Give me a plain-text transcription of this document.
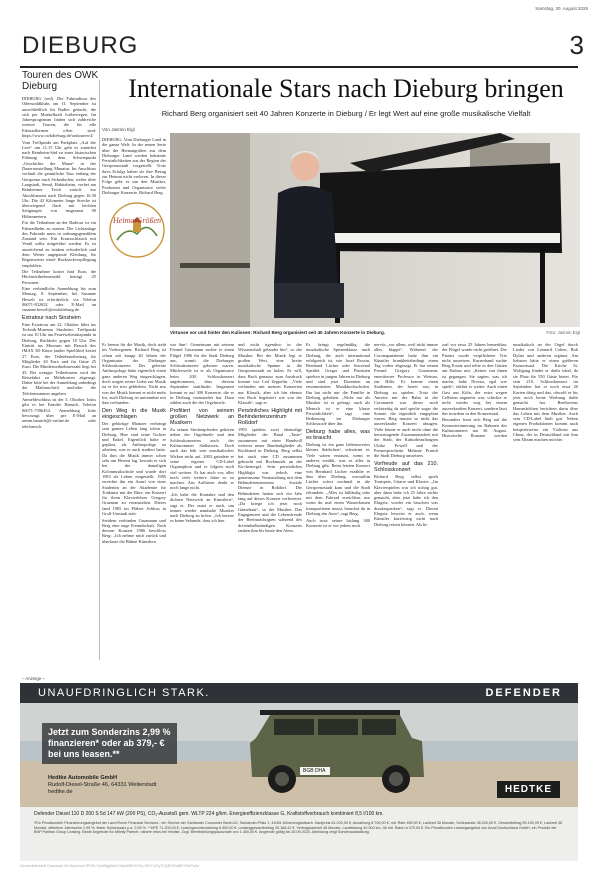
Samstag, 30. August 2025
DIEBURG	3
Touren des OWK Dieburg

DIEBURG (red). Die Fahrradtour des Odenwaldklubs am 11. September ist ausschließlich für Radler gedacht, die sich per Muskelkraft fortbewegen. Im Jahresprogramm finden sich zahlreiche weitere Touren, die für alle Fahrradformen offen sind: https://www.owkdieburg.de/radtouren-2/

Vom Treffpunkt am Parkplatz „Auf der Leer“ um 11.15 Uhr geht es zunächst nach Reinheim-Süd zu einer historischen Führung mit dem Schwerpunkt „Geschichte der Muna“ in der Dauerausstellung Munatur. Im Anschluss verläuft die gemütliche Tour entlang der Gersprenz nach Sickenhofen, weiter über Langstadt, Semd, Habitzheim, vorbei am Reinheimer Teich zurück zur Abschlussrast nach Dieburg gegen 16.30 Uhr. Die 42 Kilometer lange Strecke ist überwiegend flach mit leichten Steigungen von insgesamt 90 Höhenmetern.

Für die Teilnahme an der Radtour ist ein Fahrradhelm zu nutzen. Die Lichtanlage des Fahrrads muss in ordnungsgemäßem Zustand sein. Ein Ersatzschlauch mit Ventil sollte mitgeführt werden. Es ist ausreichend zu trinken erforderlich und dem Wetter angepasste Kleidung, für Regenwetter wind- Rucksackverpflegung empfohlen.

Die Teilnahme kostet fünf Euro, die Höchstteilnehmerzahl beträgt 25 Personen.

Eine verbindliche Anmeldung bis zum Montag, 8. September, bei Susanne Hewelt ist erforderlich, via Telefon 06071-832652 oder E-Mail an susanne.hewelt@owkdieburg.de.

Extratour nach Sinsheim

Eine Extratour am 22. Oktober führt ins Technik-Museum Sinsheim. Treffpunkt ist um 10 Uhr am Feuerwehrstützpunkt in Dieburg, Rückkehr gegen 18 Uhr. Der Eintritt ins Museum mit Besuch des IMAX 3D Kinos (außer Spielfilm) kostet 27 Euro, der Teilnehmerbeitrag für Mitglieder 20 Euro und für Gäste 25 Euro. Die Mindestteilnehmerzahl liegt bei 45. Bei weniger Teilnehmern wird die Reisefahrt zu Mehrkosten abgesagt. Daher bitte bei der Anmeldung unbedingt die Mailanschrift und/oder die Telefonnummer angeben.

Anmeldeschluss ist der 5. Oktober. Infos gibt es bei Familie Hamich, Telefon 06071-7396454. Anmeldung bitte bevorzugt über per E-Mail an armin.hamich@t-online.de oder telefonisch.

Internationale Stars nach Dieburg bringen
Richard Berg organisiert seit 40 Jahren Konzerte in Dieburg / Er legt Wert auf eine große musikalische Vielfalt
Von Jasmin Eigl
DIEBURG. Vom Dieburger Land in die ganze Welt: In der neuen Serie über die Heimatgrößen aus dem Dieburger Land werden bekannte Persönlichkeiten aus der Region der Gersprenzstadt vorgestellt. Trotz ihres Erfolgs haben sie ihre Bezug zur Heimat nicht verloren. In dieser Folge geht es um den Musiker, Produzent und Organisator vieler Dieburger Konzerte, Richard Berg.
HeimatGrößen
Virtuose vor und hinter den Kulissen: Richard Berg organisiert seit 40 Jahren Konzerte in Dieburg.	Foto: Jasmin Eigl

Er brennt für die Musik, doch steht im Verborgenen. Richard Berg ist schon seit knapp 40 Jahren der Organisator der Dieburger Schlosskonzerte. Der gelernte Anthropologe hätte eigentlich einen ganz anderen Weg eingeschlagen, doch sorgen seiner Liebe zur Musik ist er ihr treu geblieben. Nicht nur von der Musik kommt er nicht mehr los, auch Dieburg ist untrennbar mit ihm verbunden.

Den Weg in die Musik eingeschlagen

Der gebürtige Mainzer verbringt sein ganzes Leben lang schon in Dieburg. Hier sind seine Tochter und Enkel. Eigentlich hatte er geplant, als Anthropologe zu arbeiten, was er auch studiert hatte. Da ihm die Musik immer schon sehr am Herzen lag, bewarb er sich bei der damaligen Kolonnusikschule und wurde dort 1983 als Lehrer eingestellt. 1985 erreichte ihn ein Anruf von einer Studentin an der Akademie für Tonkunst mit der Bitte, ein Konzert für ihren Klavierlehrer Gregory Gruzman zu veranstalten. Dieses fand 1985 im Pfälzer Schloss in Groß-Umstadt statt.

Seitdem verbinden Gruzmann und Berg eine enge Freundschaft. Nach diesem Konzert 1986 beschloss Berg: „Ich nehme mich zurück und überlasse die Bühne Künstlern

wie ihm“. Gemeinsam mit seinem Freund Gruzmann suchte er einen Flügel 1986 für die Stadt Dieburg aus, womit die Dieburger Schlosskonzerte geboren waren. Mittlerweile ist er als Organisator beim 200. Schlosskonzert angekommen, dass diesem September stattfindet. Insgesamt kommt er auf 300 Konzerte, die er in Dieburg veranstaltet hat. Dazu zählen auch die der Orgelmeile.

Profitiert von seinem großen Netzwerk an Musikern

Zu seinen Steckenpferden gehören neben der Orgelmeile und den Schlosskonzerten auch der Kulturommer Südhessen. Doch auch das hält sein musikalisches Wirken nicht auf. 2003 gründete er seine eigenes CD-Label Organophon und er folgten noch viel weitere. Er hat auch vor, alles noch viele weitere Jahre so zu machen. Ans Aufhören denkt er noch lange nicht.

„Ich habe die Kontakte und den dichten Netzwerk an Künstlern“, sagt er. Der nutzt er auch, um immer wieder namhafte Musiker nach Dieburg zu holen. „Ich bereue es keine Sekunde, dass ich hier

und nicht irgendwo in der Wissenschaft gelandet bin“, so der Musiker. Bei der Musik legt er großen Wert, eine breite musikalische Spanne in die Gersprenzstadt zu holen. Er will, dass Bach genauso zum Ausdruck kommt wie Led Zeppelin. „Viele verbinden mit meinen Konzerten nur Klassik, aber ich bin ebenso von Rock begeistert wie von der Klassik“, sagt er.

Persönliches Highlight mit Behindertenzentrum Roßdorf

1993 spielten zwei ehemalige Mitglieder der Band „Taste“ zusammen mit einer Handvoll weiterer neuer Bandmitglieder als Rockband in Dieburg. Berg selbst hat auch eine CD zusammen gebracht mit Rockmusik an der Kirchenorgel. Sein persönliches Highlight war jedoch eine gemeinsame Veranstaltung mit dem Behindertenzentrum Soziale Dienste in Roßdorf. Die Behinderten hatten sich ein Jahr lang auf dieses Konzert vorbereitet. „Da kriege ich jetzt noch Gänsehaut“, so der Musiker. Das Engagement und die Lebensfreude der Beeinträchtigten während des dreieinhalbstündigen Konzerts rauben ihm bis heute den Atem.

Er bringt regelmäßig die musikalische Spitzenklasse nach Dieburg, die auch international erfolgreich ist, wie Josef Rossin, Bernhard Lücher oder Souvenal Speidel. Gregor und Pianisten spielten in jungen Jahren in Dieburg und sind jetzt Dozenten an renommierten Musikhochschulen. Ihn hat nicht nur die Familie in Dieburg gehalten. „Nicht nur als Musiker ist er gefragt, auch als Mensch ist er eine klasse Persönlichkeit“, sagt eine Bedienung im Dieburger Schlosscafé über ihn.

Dieburg habe alles, was es braucht

Dieburg ist ein ganz liebenswertes kleines Städtchen“, schwärmt er. Viele wären erstaunt, wenn er anderes erzählt, was es alles in Dieburg gibt. Beim letzten Konzert von Bernhard Lücher erzählte er ihm über Dieburg, woraufhin Lücher sofort nochmal in die Gersprenzstadt kam und die Stadt erkundete. „Alles ist fußläufig oder mit dem Fahrrad erreichbar, nur wenn du mal einen Wasserkasten transportieren musst, brauchst du in Dieburg das Auto“, sagt Berg.

Auch trotz seiner bislang 300 Konzerte ist er vor jedem noch

nervös „vor allem, weil nicht immer alles klappt“. Während der Coronapandemie hatte ihm ein Künstler krankheitsbedingt einen Tag vorher abgesagt. Er hat seinen Freund Gregory Gruzmann, emeritierter Professor in Weimar, zur Hilfe. Er konnte einen Studenten, der bereit war, in Dieburg zu spielen. Trotz der Anreise mit der Bahn in der Coronazeit war dieser noch rechtzeitig da und spielte sogar die Sonate, die eigentlich eingeplant waren. Berg musste so nicht das ausverkaufte Konzert absagen. Viele könne er auch nicht ohne die herausragende Zusammenarbeit mit der Stadt, der Kulturbeauftragten Ulrike Powell und der Pressesprecherin Melanie Pranch die Stadt Dieburg umsetzen.

Vorfreude auf das 210. Schlosskonzert

Richard Berg selbst spielt Trompete, Gitarre und Klavier. „Im Klavierspielen war ich richtig gut, aber dann habe ich 25 Jahre nichts gemacht, aber jetzt habe ich den Ehrgeiz, wieder ein bisschen was draufzupacken“, sagt er. Diesen Ehrgeiz beweist er auch, wenn Künstler kurzfristig nicht nach Dieburg reisen können. Als bi-

zarl vor etwa 25 Jahren bemerkbar, der Flügel wurde nicht geöffnet. Der Pianist wurde verpflichtete Trio nicht ausreisen. Kurzerhand suchte Berg Ersatz und teilte es den Gästen am Einlass mit. „Keiner von ihnen ist gegangen. Sie sagten, was ich mache, habe Niveau, egal wer spielt“, erklärt er weiter. Auch einen Gast aus Köln, der extra wegen Cellisten angereist war, schickte er nicht wieder weg bei einem ausverkauften Konzert, sondern lässt ihn trotzdem in den Konzertsaal.

Besonders freut sich Berg auf die Konzerterinnerung im Rahmen des Kulturommers am 30. August. Historische Romane werden musikalisch an der Orgel durch Lieder von Leonard Cohen, Bob Dylan und anderen ergänzt. Am liebsten hätte er einen größeren Konzertsaal. Die Kirche St. Wolfgang bindet er dafür ideal, da sie Platz für 550 Gäste bietet. Für sein 210. Schlosskonzert im September hat er noch etwa 20 Karten übrig und das, obwohl er bis jetzt noch keine Werbung dafür gemacht hat. Beethovens Hausmädchen berichten darin über das Leben mit dem Musiker. Auch sein CD-Label läuft gut. Neben eigenen Produktionen kommt auch beispielsweise ein Violinist aus China, der in Deutschland mit ihm sein Album machen möchte.

– Anzeige –
UNAUFDRINGLICH STARK.	DEFENDER
BGB DHA
Jetzt zum Sonderzins 2,99 %
finanzieren* oder ab 379,- €
bei uns leasen.**
Hedtke Automobile GmbH
Rudolf-Diesel-Straße 46, 64331 Weiterstadt
hedtke.de	HEDTKE
Defender Diesel 110 D 200 S 5d 147 kW (200 PS), CO₂-Ausstoß gem. WLTP 224 g/km. Energieeffizienzklasse G, Kraftstoffverbrauch kombiniert 8,5 l/100 km.
*Ein Privatkunden Finanzierungsangebot der Land Rover Financial Services - ein Service der Santander Consumer Bank AG, Santander-Platz 1, 41061 Mönchengladbach. Kaufpreis 61.220,00 €, Anzahlung 8.700,00 €, mtl. Rate 459,00 €, Laufzeit 36 Monate, Schlussrate 38.200,00 €, Gesamtbetrag 59.190,39 €, Laufzeit 48 Monate, effektiver Jahreszins 2,99 %, fester Sollzinssatz p.a. 2,95 %. **UPE 71.200,00 €, Leasingsonderzahlung 6.900,00 €, Leasinggesamtbetrag 25.166,42 €, Vertragslaufzeit 48 Monate, Laufleistung 40.000 km, 48 mtl. Raten à 379,00 €. Ein Privatkunden Leasingangebot von Arval Deutschland GmbH, ein Produkt der BNP Paribas Group Leasing. Beide Angebote für Affinity Partner, nähere Infos bei Hedtke. Zzgl. Bereitstellungspauschale von 1.450,00 €. Angebote gültig bis 30.09.2025. Abbildung zeigt Sonderausstattung.
Gedruckt/erstellt Download 06+6ytcc/cc/UPDDLSphWtjgWnkYHjekbBRXVGy-GtKTdJ7y7DQRDFsbBFXSePw5z
